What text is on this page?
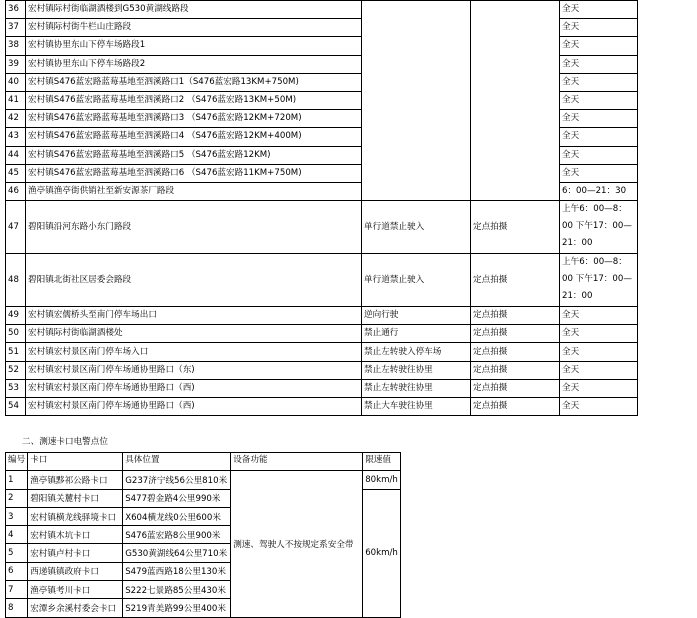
36	宏村镇际村街临湖酒楼到G530黄湖线路段			全天
37	宏村镇际村街牛栏山庄路段			全天
38	宏村镇协里东山下停车场路段1			全天
39	宏村镇协里东山下停车场路段2			全天
40	宏村镇S476蓝宏路蓝莓基地至泗溪路口1（S476蓝宏路13KM+750M)			全天
41	宏村镇S476蓝宏路蓝莓基地至泗溪路口2 （S476蓝宏路13KM+50M)			全天
42	宏村镇S476蓝宏路蓝莓基地至泗溪路口3 （S476蓝宏路12KM+720M)			全天
43	宏村镇S476蓝宏路蓝莓基地至泗溪路口4 （S476蓝宏路12KM+400M)			全天
44	宏村镇S476蓝宏路蓝莓基地至泗溪路口5 （S476蓝宏路12KM)			全天
45	宏村镇S476蓝宏路蓝莓基地至泗溪路口6 （S476蓝宏路11KM+750M)			全天
46	渔亭镇渔亭街供销社至新安源茶厂路段			6：00—21：30
47	碧阳镇沿河东路小东门路段	单行道禁止驶入	定点拍摄	上午6：00—8：00 下午17：00—21：00
48	碧阳镇北街社区居委会路段	单行道禁止驶入	定点拍摄	上午6：00—8：00 下午17：00—21：00
49	宏村镇宏儒桥头至南门停车场出口	逆向行驶	定点拍摄	全天
50	宏村镇际村街临湖酒楼处	禁止通行	定点拍摄	全天
51	宏村镇宏村景区南门停车场入口	禁止左转驶入停车场	定点拍摄	全天
52	宏村镇宏村景区南门停车场通协里路口（东)	禁止左转驶往协里	定点拍摄	全天
53	宏村镇宏村景区南门停车场通协里路口（西)	禁止左转驶往协里	定点拍摄	全天
54	宏村镇宏村景区南门停车场通协里路口（西)	禁止大车驶往协里	定点拍摄	全天
二、测速卡口电警点位
编号	卡口	具体位置	设备功能	限速值
1	渔亭镇黟祁公路卡口	G237济宁线56公里810米	测速、驾驶人不按规定系安全带	80km/h
2	碧阳镇关麓村卡口	S477碧金路4公里990米		60km/h
3	宏村镇横龙线驿境卡口	X604横龙线0公里600米		
4	宏村镇木坑卡口	S476蓝宏路8公里900米		
5	宏村镇卢村卡口	G530黄湖线64公里710米		
6	西递镇镇政府卡口	S479蓝西路18公里130米		
7	渔亭镇考川卡口	S222七景路85公里430米		
8	宏潭乡余溪村委会卡口	S219青美路99公里400米		
